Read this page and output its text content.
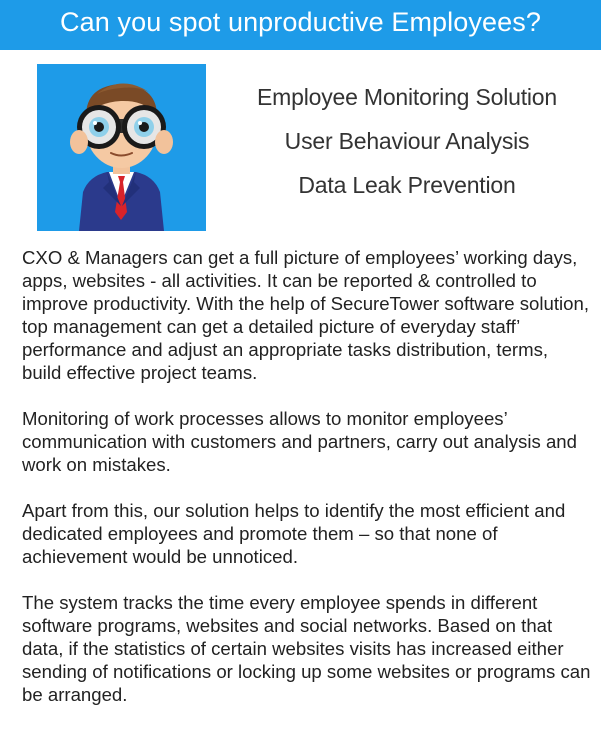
Can you spot unproductive Employees?
Employee Monitoring Solution
User Behaviour Analysis
Data Leak Prevention

CXO & Managers can get a full picture of employees’ working days, apps, websites - all activities. It can be reported & controlled to improve productivity. With the help of SecureTower software solution, top management can get a detailed picture of everyday staff’ performance and adjust an appropriate tasks distribution, terms, build effective project teams.

Monitoring of work processes allows to monitor employees’ communication with customers and partners, carry out analysis and work on mistakes.

Apart from this, our solution helps to identify the most efficient and dedicated employees and promote them – so that none of achievement would be unnoticed.

The system tracks the time every employee spends in different software programs, websites and social networks. Based on that data, if the statistics of certain websites visits has increased either sending of notifications or locking up some websites or programs can be arranged.
